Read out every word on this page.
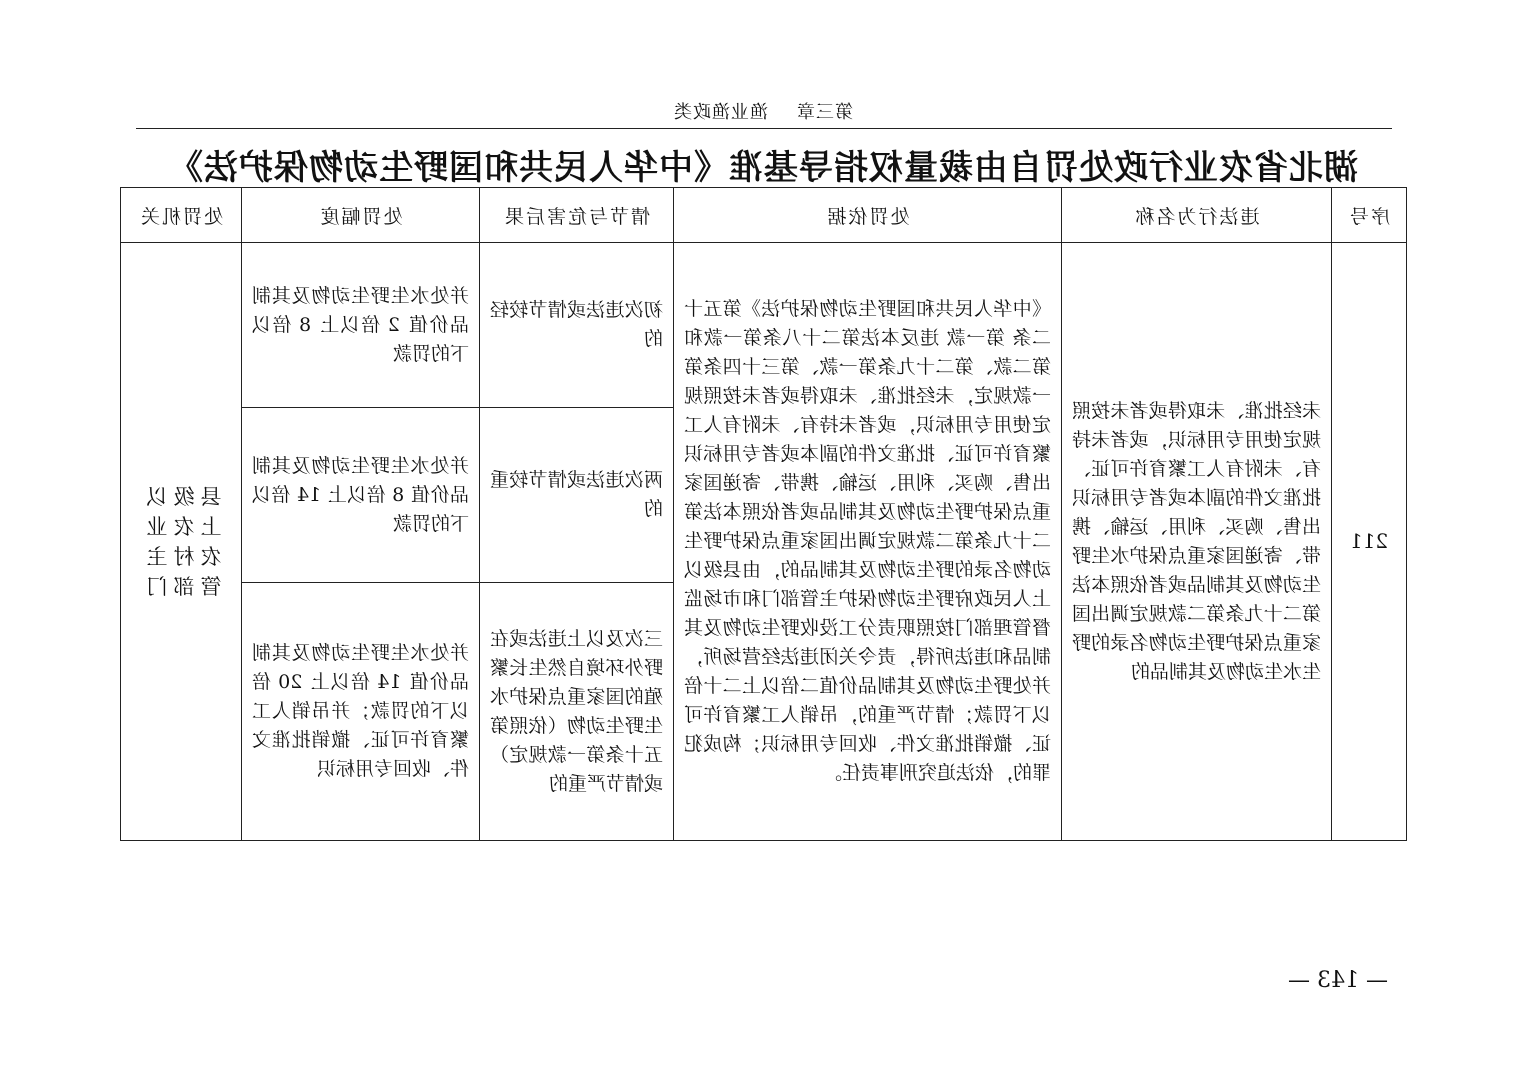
第三章渔业渔政类
湖北省农业行政处罚自由裁量权指导基准《中华人民共和国野生动物保护法》
序号	违法行为名称	处罚依据	情节与危害后果	处罚幅度	处罚机关
211	未经批准、未取得或者未按照规定使用专用标识，或者未持有、未附有人工繁育许可证、批准文件的副本或者专用标识出售、购买、利用、运输、携带、寄递国家重点保护水生野生动物及其制品或者依照本法第二十九条第二款规定调出国家重点保护野生动物名录的野生水生动物及其制品的	《中华人民共和国野生动物保护法》第五十二条 第一款 违反本法第二十八条第一款和第二款、第二十九条第一款、第三十四条第一款规定，未经批准、未取得或者未按照规定使用专用标识，或者未持有、未附有人工繁育许可证、批准文件的副本或者专用标识出售、购买、利用、运输、携带、寄递国家重点保护野生动物及其制品或者依照本法第二十九条第二款规定调出国家重点保护野生动物名录的野生动物及其制品的，由县级以上人民政府野生动物保护主管部门和市场监督管理部门按照职责分工没收野生动物及其制品和违法所得，责令关闭违法经营场所，并处野生动物及其制品价值二倍以上二十倍以下罚款；情节严重的，吊销人工繁育许可证、撤销批准文件、收回专用标识；构成犯罪的，依法追究刑事责任。	初次违法或情节较轻的	并处水生野生动物及其制品价值 2 倍以上 8 倍以下的罚款	县级以上农业农村主管部门
			两次违法或情节较重的	并处水生野生动物及其制品价值 8 倍以上 14 倍以下的罚款	
			三次及以上违法或在野外环境自然生长繁殖的国家重点保护水生野生动物（依照第五十条第一款规定）或情节严重的	并处水生野生动物及其制品价值 14 倍以上 20 倍以下的罚款；并吊销人工繁育许可证、撤销批准文件、收回专用标识	
— 143 —
